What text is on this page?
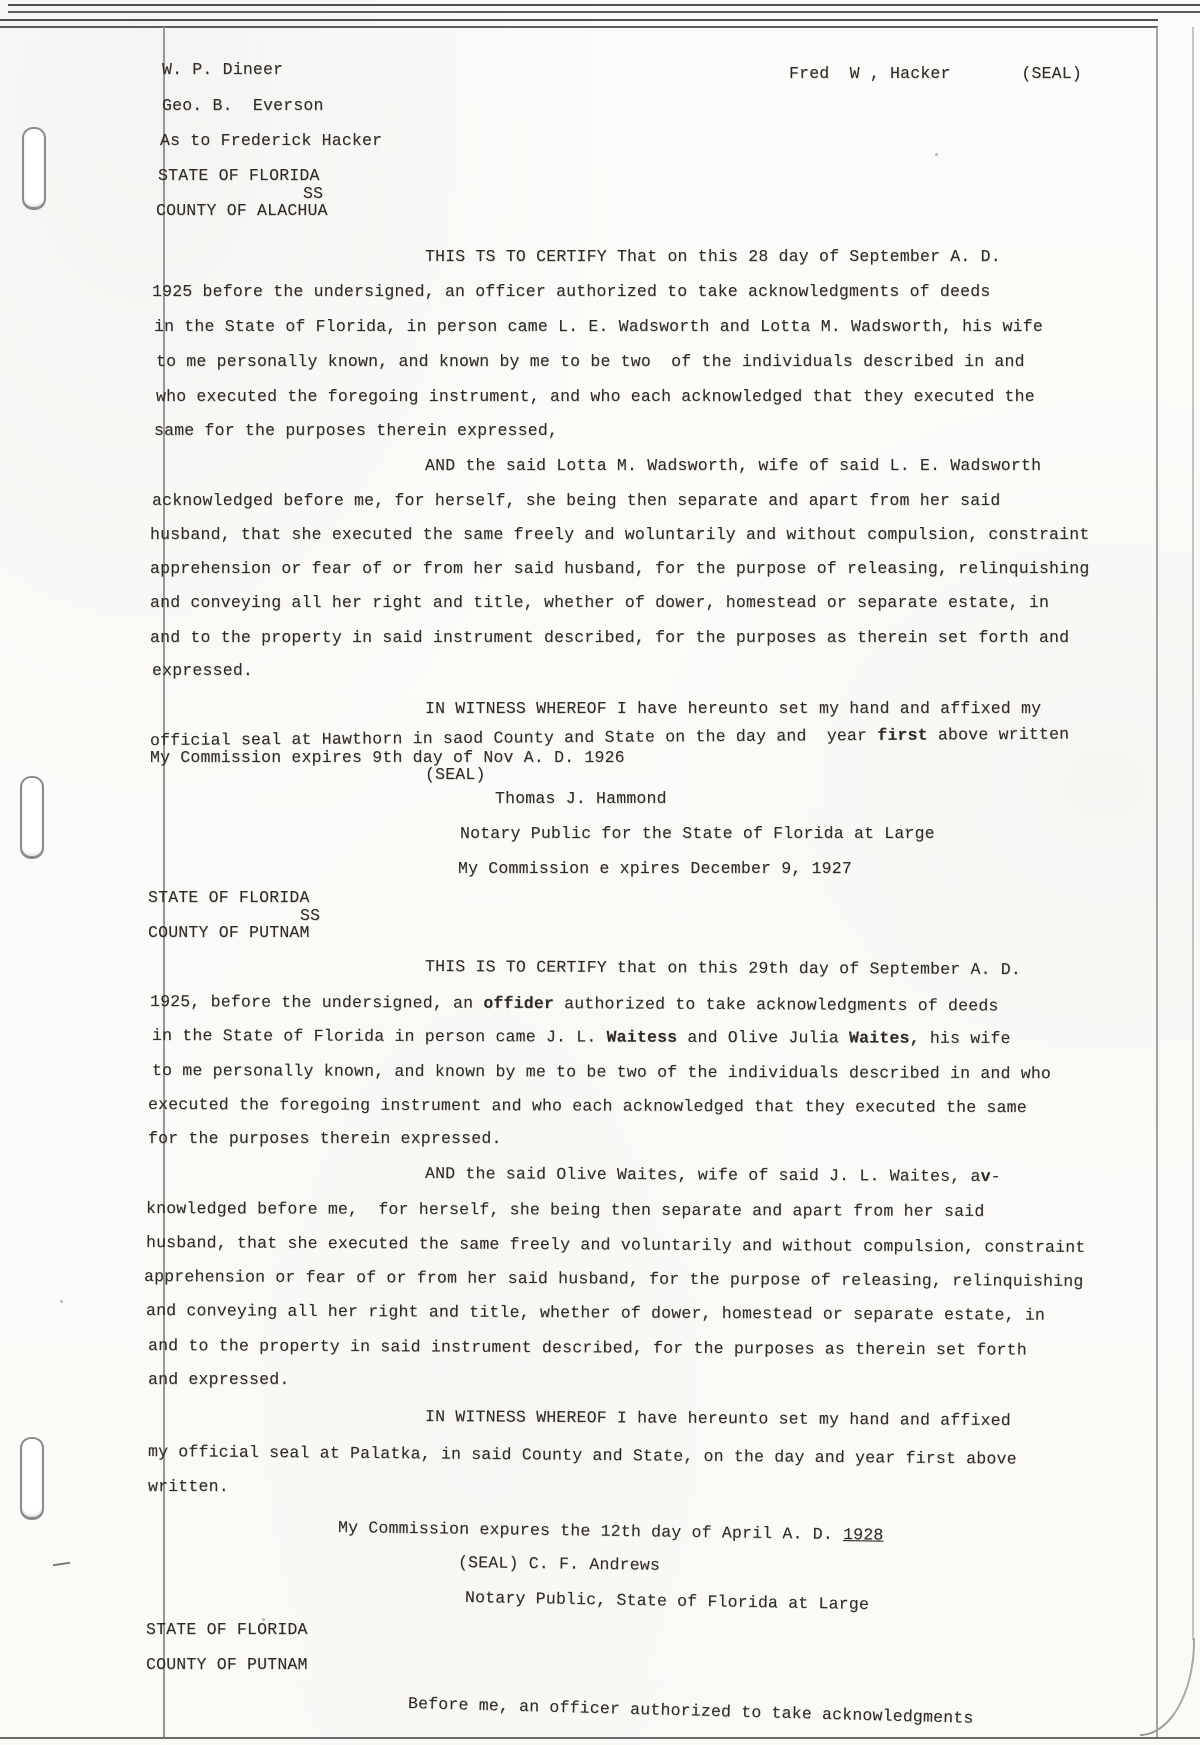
W. P. Dineer	Fred  W , Hacker       (SEAL)
Geo. B.  Everson
As to Frederick Hacker
STATE OF FLORIDA
SS
COUNTY OF ALACHUA
THIS TS TO CERTIFY That on this 28 day of September A. D.
1925 before the undersigned, an officer authorized to take acknowledgments of deeds
in the State of Florida, in person came L. E. Wadsworth and Lotta M. Wadsworth, his wife
to me personally known, and known by me to be two  of the individuals described in and
who executed the foregoing instrument, and who each acknowledged that they executed the
same for the purposes therein expressed,
AND the said Lotta M. Wadsworth, wife of said L. E. Wadsworth
acknowledged before me, for herself, she being then separate and apart from her said
husband, that she executed the same freely and woluntarily and without compulsion, constraint
apprehension or fear of or from her said husband, for the purpose of releasing, relinquishing
and conveying all her right and title, whether of dower, homestead or separate estate, in
and to the property in said instrument described, for the purposes as therein set forth and
expressed.
IN WITNESS WHEREOF I have hereunto set my hand and affixed my
official seal at Hawthorn in saod County and State on the day and  year first above written
My Commission expires 9th day of Nov A. D. 1926
(SEAL)
Thomas J. Hammond
Notary Public for the State of Florida at Large
My Commission e xpires December 9, 1927
STATE OF FLORIDA
SS
COUNTY OF PUTNAM
THIS IS TO CERTIFY that on this 29th day of September A. D.
1925, before the undersigned, an offider authorized to take acknowledgments of deeds
in the State of Florida in person came J. L. Waitess and Olive Julia Waites, his wife
to me personally known, and known by me to be two of the individuals described in and who
executed the foregoing instrument and who each acknowledged that they executed the same
for the purposes therein expressed.
AND the said Olive Waites, wife of said J. L. Waites, av-
knowledged before me,  for herself, she being then separate and apart from her said
husband, that she executed the same freely and voluntarily and without compulsion, constraint
apprehension or fear of or from her said husband, for the purpose of releasing, relinquishing
and conveying all her right and title, whether of dower, homestead or separate estate, in
and to the property in said instrument described, for the purposes as therein set forth
and expressed.
IN WITNESS WHEREOF I have hereunto set my hand and affixed
my official seal at Palatka, in said County and State, on the day and year first above
written.
My Commission expures the 12th day of April A. D. 1928
(SEAL) C. F. Andrews
Notary Public, State of Florida at Large
STATE OF FLORIDA
COUNTY OF PUTNAM
Before me, an officer authorized to take acknowledgments
